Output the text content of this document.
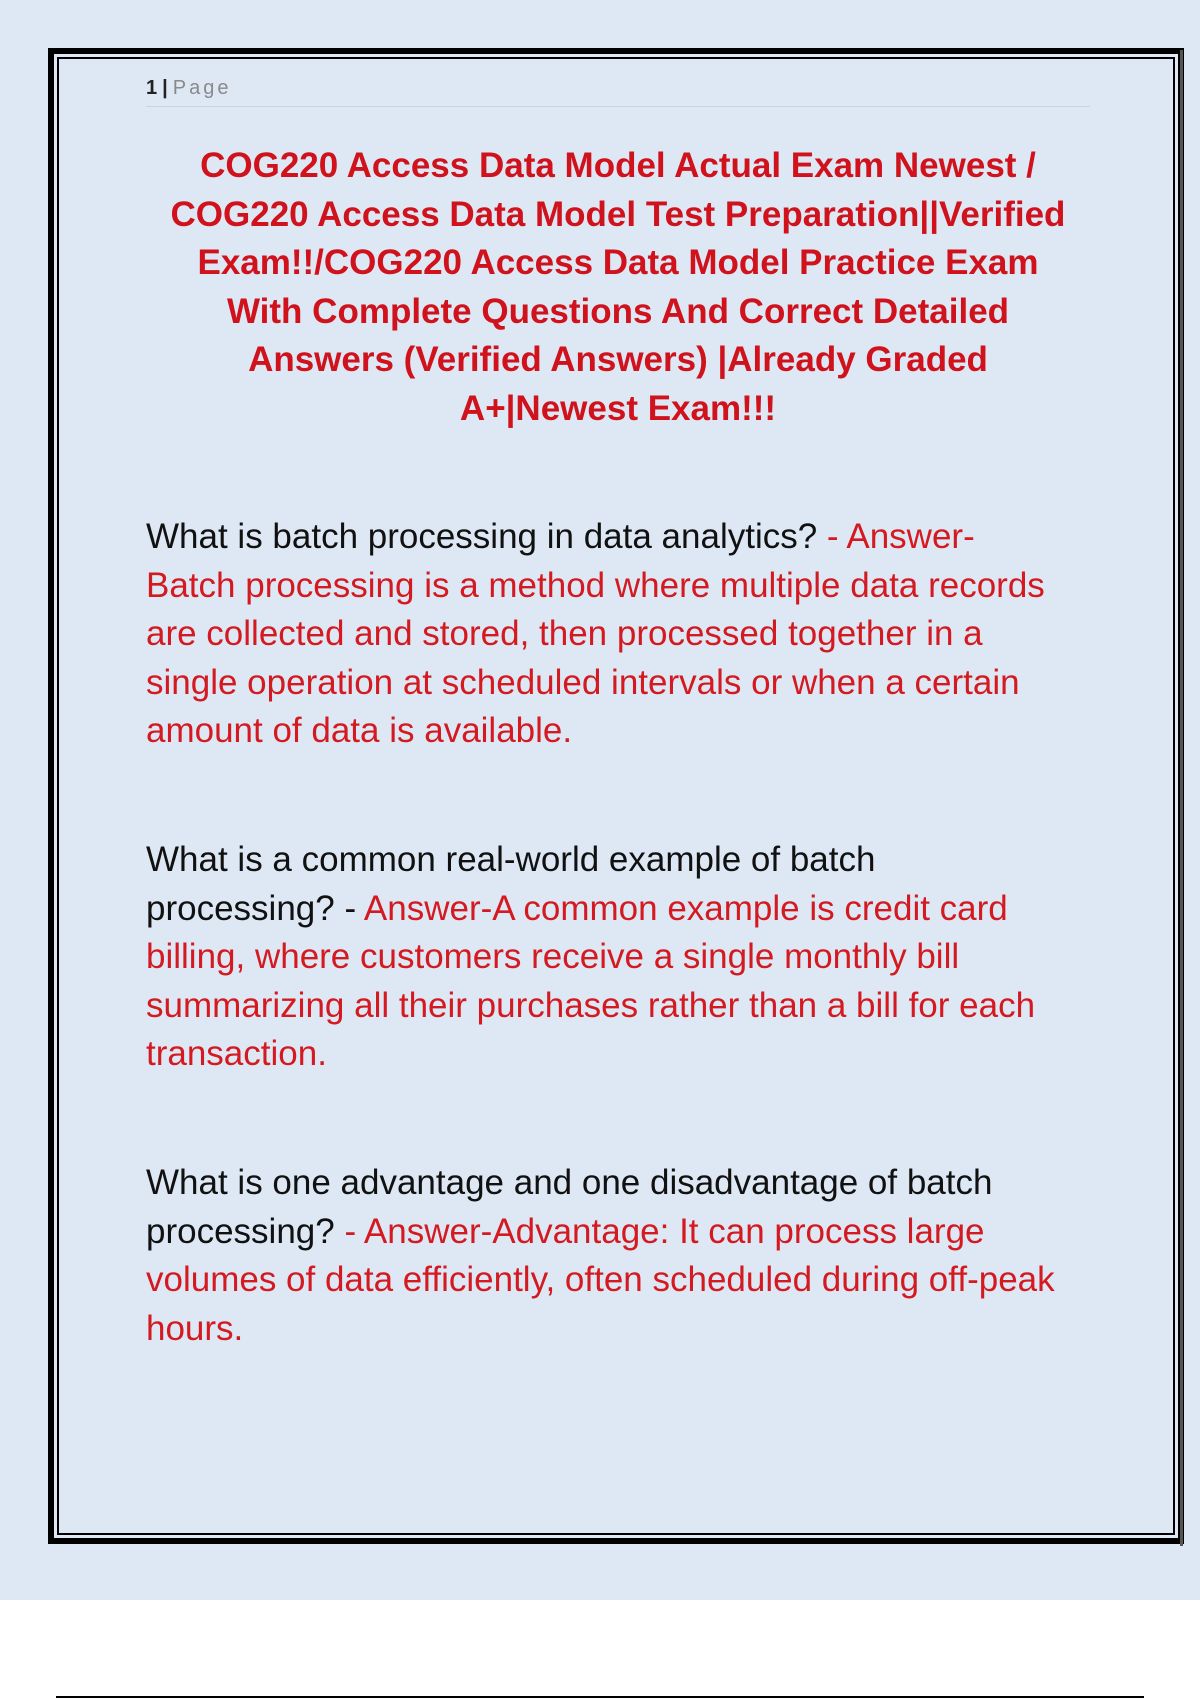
1 | Page
COG220 Access Data Model Actual Exam Newest /
COG220 Access Data Model Test Preparation||Verified
Exam!!/COG220 Access Data Model Practice Exam
With Complete Questions And Correct Detailed
Answers (Verified Answers) |Already Graded
A+|Newest Exam!!!

What is batch processing in data analytics? - Answer-
Batch processing is a method where multiple data records
are collected and stored, then processed together in a
single operation at scheduled intervals or when a certain
amount of data is available.

What is a common real-world example of batch
processing? - Answer-A common example is credit card
billing, where customers receive a single monthly bill
summarizing all their purchases rather than a bill for each
transaction.

What is one advantage and one disadvantage of batch
processing? - Answer-Advantage: It can process large
volumes of data efficiently, often scheduled during off-peak
hours.
